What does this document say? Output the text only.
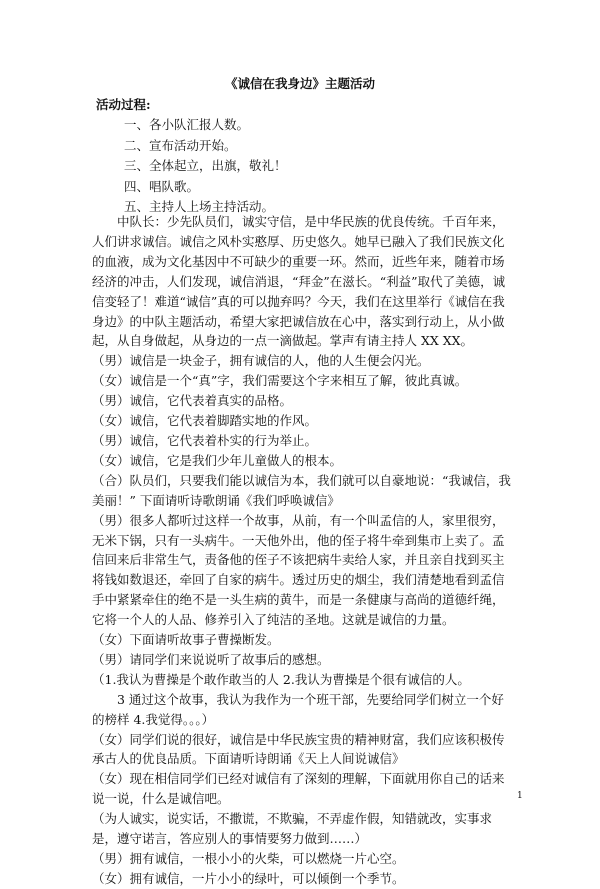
《诚信在我身边》主题活动
活动过程:
一、各小队汇报人数。
二、宣布活动开始。
三、全体起立，出旗，敬礼！
四、唱队歌。
五、主持人上场主持活动。

中队长：少先队员们，诚实守信，是中华民族的优良传统。千百年来，人们讲求诚信。诚信之风朴实憨厚、历史悠久。她早已融入了我们民族文化的血液，成为文化基因中不可缺少的重要一环。然而，近些年来，随着市场经济的冲击，人们发现，诚信消退，“拜金”在滋长。“利益”取代了美德，诚信变轻了！难道“诚信”真的可以抛弃吗？今天，我们在这里举行《诚信在我身边》的中队主题活动，希望大家把诚信放在心中，落实到行动上，从小做起，从自身做起，从身边的一点一滴做起。掌声有请主持人 XX XX。

（男）诚信是一块金子，拥有诚信的人，他的人生便会闪光。

（女）诚信是一个“真”字，我们需要这个字来相互了解，彼此真诚。

（男）诚信，它代表着真实的品格。

（女）诚信，它代表着脚踏实地的作风。

（男）诚信，它代表着朴实的行为举止。

（女）诚信，它是我们少年儿童做人的根本。

（合）队员们，只要我们能以诚信为本，我们就可以自豪地说：“我诚信，我美丽！” 下面请听诗歌朗诵《我们呼唤诚信》

（男）很多人都听过这样一个故事，从前，有一个叫孟信的人，家里很穷，无米下锅，只有一头病牛。一天他外出，他的侄子将牛牵到集市上卖了。孟信回来后非常生气，责备他的侄子不该把病牛卖给人家，并且亲自找到买主将钱如数退还，牵回了自家的病牛。透过历史的烟尘，我们清楚地看到孟信手中紧紧牵住的绝不是一头生病的黄牛，而是一条健康与高尚的道德纤绳，它将一个人的人品、修养引入了纯洁的圣地。这就是诚信的力量。

（女）下面请听故事子曹操断发。

（男）请同学们来说说听了故事后的感想。

（1.我认为曹操是个敢作敢当的人 2.我认为曹操是个很有诚信的人。

3 通过这个故事，我认为我作为一个班干部，先要给同学们树立一个好的榜样 4.我觉得。。。）

（女）同学们说的很好，诚信是中华民族宝贵的精神财富，我们应该积极传承古人的优良品质。下面请听诗朗诵《天上人间说诚信》

（女）现在相信同学们已经对诚信有了深刻的理解，下面就用你自己的话来说一说，什么是诚信吧。

（为人诚实，说实话，不撒谎，不欺骗，不弄虚作假，知错就改，实事求是，遵守诺言，答应别人的事情要努力做到……）

（男）拥有诚信，一根小小的火柴，可以燃烧一片心空。

（女）拥有诚信，一片小小的绿叶，可以倾倒一个季节。

1
